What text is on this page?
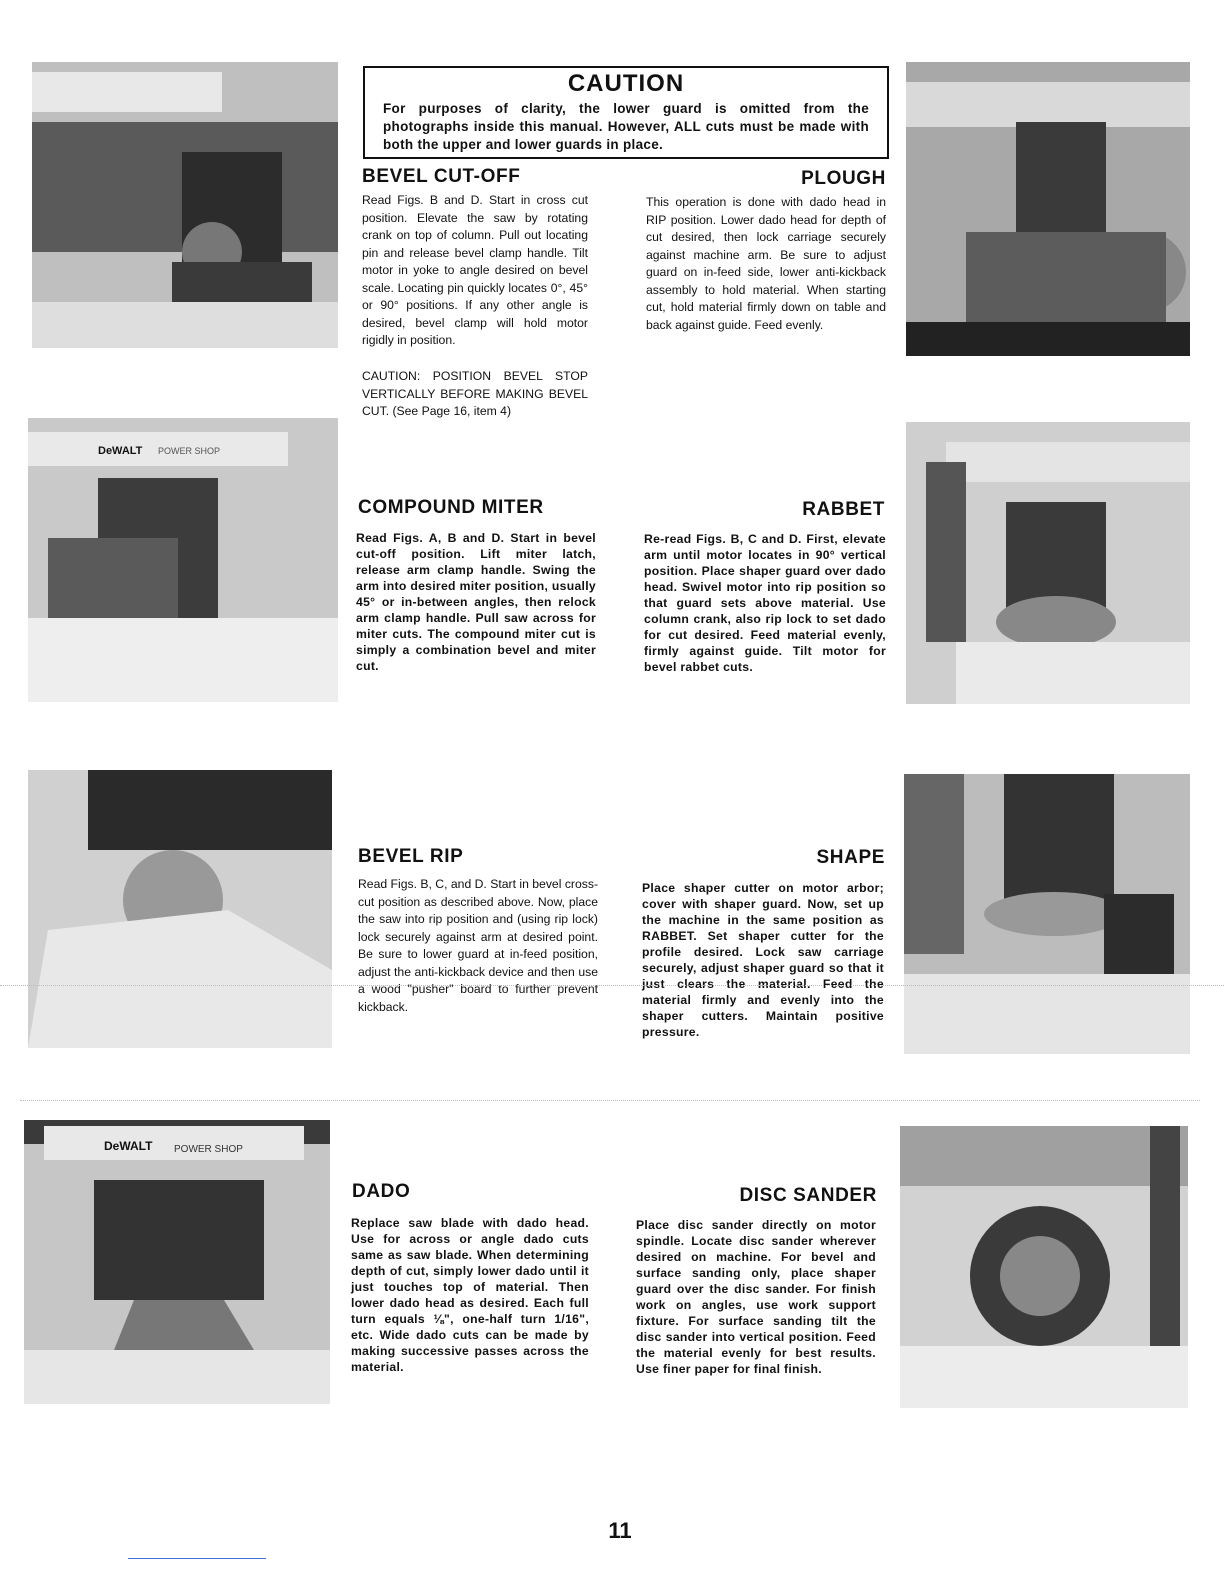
DeWALT POWER SHOP
DeWALT POWER SHOP
CAUTION
For purposes of clarity, the lower guard is omitted from the photographs inside this manual. However, ALL cuts must be made with both the upper and lower guards in place.
BEVEL CUT-OFF
Read Figs. B and D. Start in cross cut position. Elevate the saw by rotating crank on top of column. Pull out locating pin and release bevel clamp handle. Tilt motor in yoke to angle desired on bevel scale. Locating pin quickly locates 0°, 45° or 90° positions. If any other angle is desired, bevel clamp will hold motor rigidly in position.
CAUTION: POSITION BEVEL STOP VERTICALLY BEFORE MAKING BEVEL CUT. (See Page 16, item 4)
PLOUGH
This operation is done with dado head in RIP position. Lower dado head for depth of cut desired, then lock carriage securely against machine arm. Be sure to adjust guard on in-feed side, lower anti-kickback assembly to hold material. When starting cut, hold material firmly down on table and back against guide. Feed evenly.
COMPOUND MITER
Read Figs. A, B and D. Start in bevel cut-off position. Lift miter latch, release arm clamp handle. Swing the arm into desired miter position, usually 45° or in-between angles, then relock arm clamp handle. Pull saw across for miter cuts. The compound miter cut is simply a combination bevel and miter cut.
RABBET
Re-read Figs. B, C and D. First, elevate arm until motor locates in 90° vertical position. Place shaper guard over dado head. Swivel motor into rip position so that guard sets above material. Use column crank, also rip lock to set dado for cut desired. Feed material evenly, firmly against guide. Tilt motor for bevel rabbet cuts.
BEVEL RIP
Read Figs. B, C, and D. Start in bevel cross-cut position as described above. Now, place the saw into rip position and (using rip lock) lock securely against arm at desired point. Be sure to lower guard at in-feed position, adjust the anti-kickback device and then use a wood "pusher" board to further prevent kickback.
SHAPE
Place shaper cutter on motor arbor; cover with shaper guard. Now, set up the machine in the same position as RABBET. Set shaper cutter for the profile desired. Lock saw carriage securely, adjust shaper guard so that it just clears the material. Feed the material firmly and evenly into the shaper cutters. Maintain positive pressure.
DADO
Replace saw blade with dado head. Use for across or angle dado cuts same as saw blade. When determining depth of cut, simply lower dado until it just touches top of material. Then lower dado head as desired. Each full turn equals ⅛", one-half turn 1/16", etc. Wide dado cuts can be made by making successive passes across the material.
DISC SANDER
Place disc sander directly on motor spindle. Locate disc sander wherever desired on machine. For bevel and surface sanding only, place shaper guard over the disc sander. For finish work on angles, use work support fixture. For surface sanding tilt the disc sander into vertical position. Feed the material evenly for best results. Use finer paper for final finish.
11
